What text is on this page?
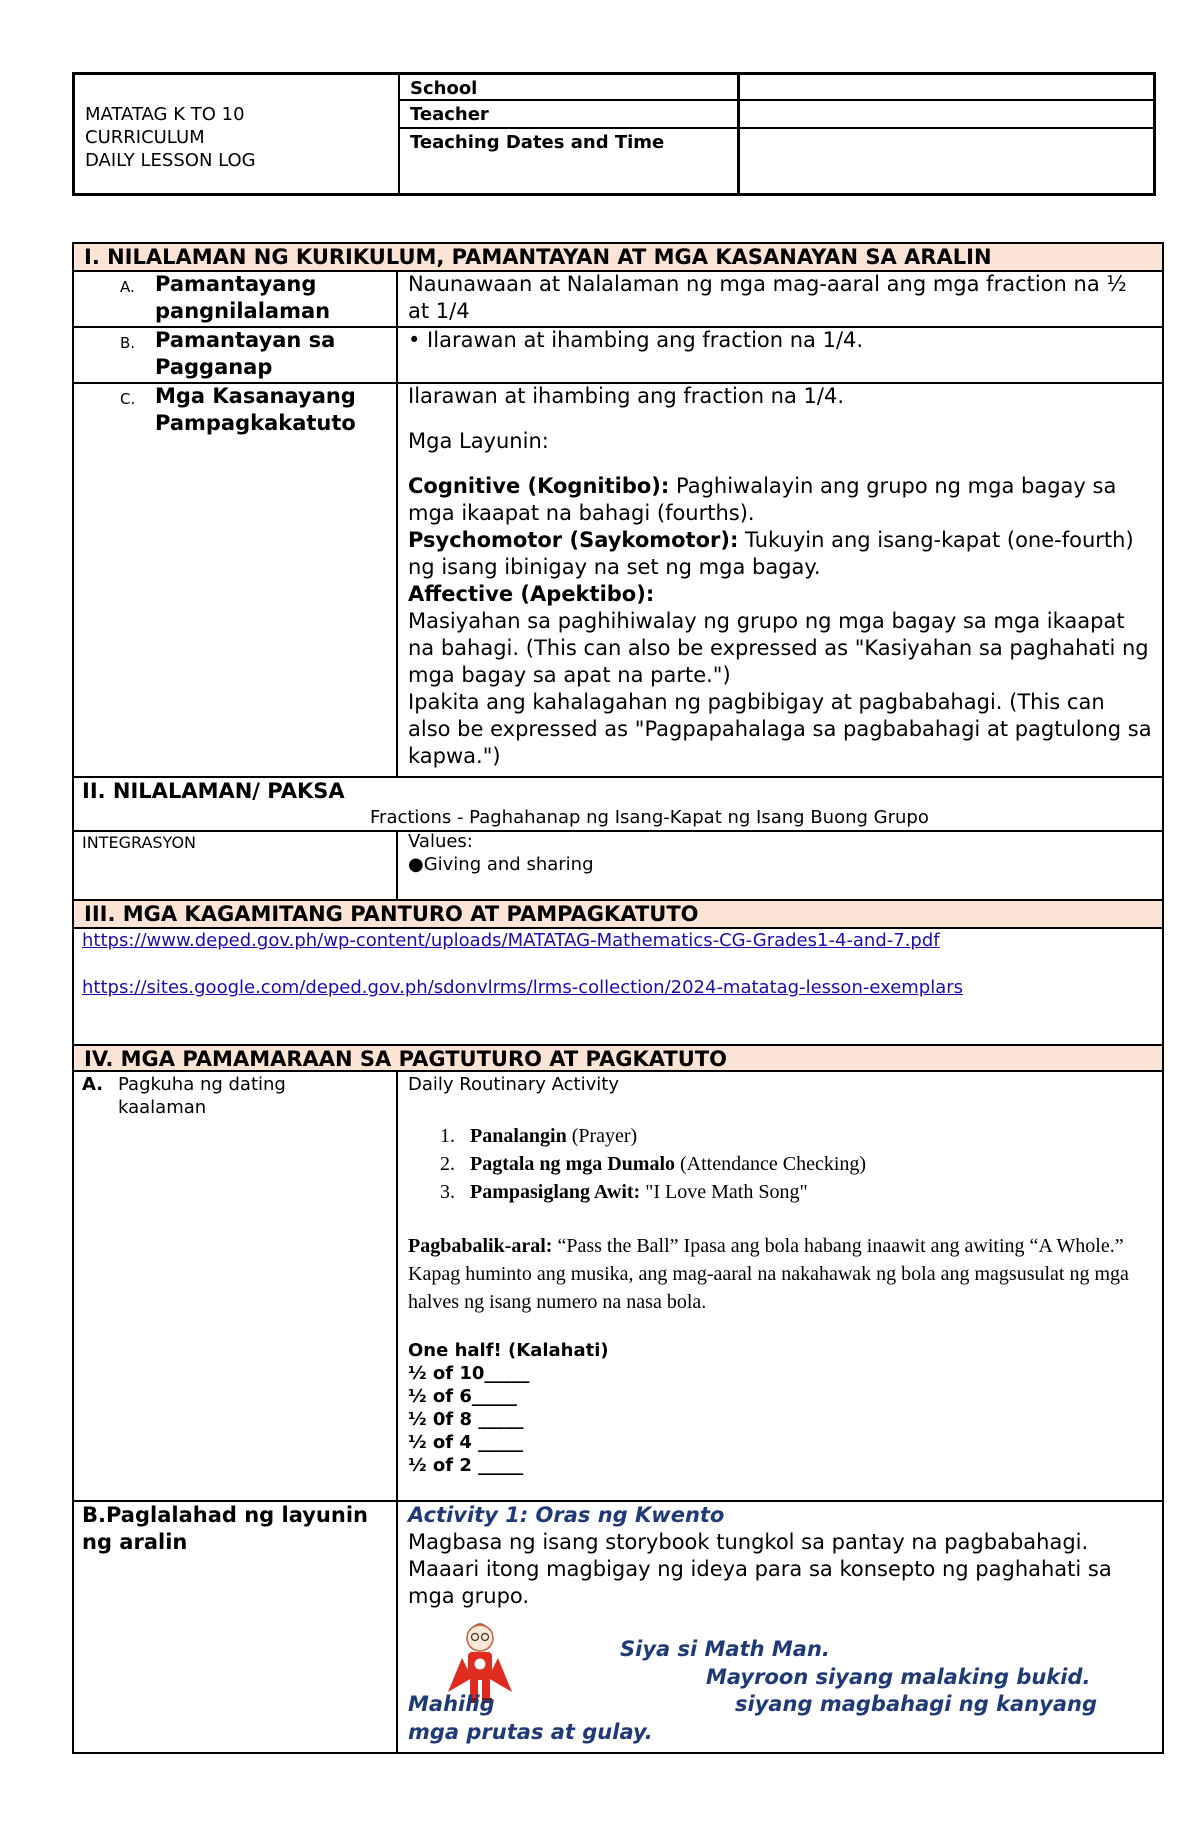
MATATAG K TO 10
CURRICULUM
DAILY LESSON LOG
School
Teacher
Teaching Dates and Time
I. NILALAMAN NG KURIKULUM, PAMANTAYAN AT MGA KASANAYAN SA ARALIN
A. Pamantayang pangnilalaman
Naunawaan at Nalalaman ng mga mag-aaral ang mga fraction na ½ at 1/4
B. Pamantayan sa Pagganap
• Ilarawan at ihambing ang fraction na 1/4.
C. Mga Kasanayang Pampagkakatuto
Ilarawan at ihambing ang fraction na 1/4.
Mga Layunin:
Cognitive (Kognitibo): Paghiwalayin ang grupo ng mga bagay sa mga ikaapat na bahagi (fourths).
Psychomotor (Saykomotor): Tukuyin ang isang-kapat (one-fourth) ng isang ibinigay na set ng mga bagay.
Affective (Apektibo):
Masiyahan sa paghihiwalay ng grupo ng mga bagay sa mga ikaapat na bahagi. (This can also be expressed as "Kasiyahan sa paghahati ng mga bagay sa apat na parte.")
Ipakita ang kahalagahan ng pagbibigay at pagbabahagi. (This can also be expressed as "Pagpapahalaga sa pagbabahagi at pagtulong sa kapwa.")
II. NILALAMAN/ PAKSA
Fractions - Paghahanap ng Isang-Kapat ng Isang Buong Grupo
INTEGRASYON	Values:
●Giving and sharing
III. MGA KAGAMITANG PANTURO AT PAMPAGKATUTO
https://www.deped.gov.ph/wp-content/uploads/MATATAG-Mathematics-CG-Grades1-4-and-7.pdf
https://sites.google.com/deped.gov.ph/sdonvlrms/lrms-collection/2024-matatag-lesson-exemplars
IV. MGA PAMAMARAAN SA PAGTUTURO AT PAGKATUTO
A. Pagkuha ng dating kaalaman
Daily Routinary Activity
1. Panalangin (Prayer)
2. Pagtala ng mga Dumalo (Attendance Checking)
3. Pampasiglang Awit: "I Love Math Song"
Pagbabalik-aral: “Pass the Ball” Ipasa ang bola habang inaawit ang awiting “A Whole.” Kapag huminto ang musika, ang mag-aaral na nakahawak ng bola ang magsusulat ng mga halves ng isang numero na nasa bola.
One half! (Kalahati)
½ of 10_____
½ of 6_____
½ 0f 8 _____
½ of 4 _____
½ of 2 _____
B.Paglalahad ng layunin ng aralin
Activity 1: Oras ng Kwento
Magbasa ng isang storybook tungkol sa pantay na pagbabahagi. Maaari itong magbigay ng ideya para sa konsepto ng paghahati sa mga grupo.
Siya si Math Man.
Mayroon siyang malaking bukid.
Mahilig	siyang magbahagi ng kanyang
mga prutas at gulay.
